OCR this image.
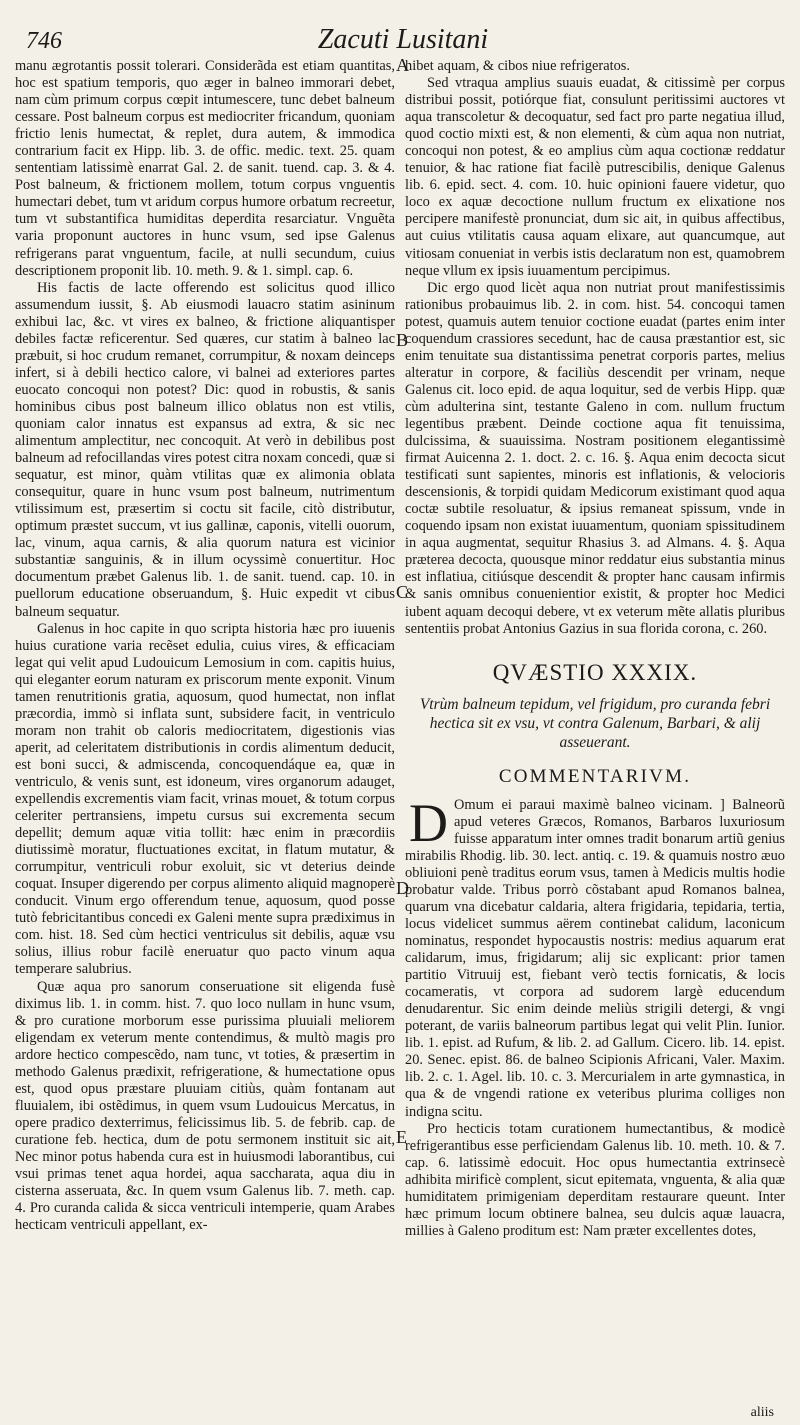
746	Zacuti Lusitani
A
B
C
D
E

manu ægrotantis possit tolerari. Considerãda est etiam quantitas, hoc est spatium temporis, quo æger in balneo immorari debet, nam cùm primum corpus cœpit intumescere, tunc debet balneum cessare. Post balneum corpus est mediocriter fricandum, quoniam frictio lenis humectat, & replet, dura autem, & immodica contrarium facit ex Hipp. lib. 3. de offic. medic. text. 25. quam sententiam latissimè enarrat Gal. 2. de sanit. tuend. cap. 3. & 4. Post balneum, & frictionem mollem, totum corpus vnguentis humectari debet, tum vt aridum corpus humore orbatum recreetur, tum vt substantifica humiditas deperdita resarciatur. Vnguẽta varia proponunt auctores in hunc vsum, sed ipse Galenus refrigerans parat vnguentum, facile, at nulli secundum, cuius descriptionem proponit lib. 10. meth. 9. & 1. simpl. cap. 6.

His factis de lacte offerendo est solicitus quod illico assumendum iussit, §. Ab eiusmodi lauacro statim asininum exhibui lac, &c. vt vires ex balneo, & frictione aliquantisper debiles factæ reficerentur. Sed quæres, cur statim à balneo lac præbuit, si hoc crudum remanet, corrumpitur, & noxam deinceps infert, si à debili hectico calore, vi balnei ad exteriores partes euocato concoqui non potest? Dic: quod in robustis, & sanis hominibus cibus post balneum illico oblatus non est vtilis, quoniam calor innatus est expansus ad extra, & sic nec alimentum amplectitur, nec concoquit. At verò in debilibus post balneum ad refocillandas vires potest citra noxam concedi, quæ si sequatur, est minor, quàm vtilitas quæ ex alimonia oblata consequitur, quare in hunc vsum post balneum, nutrimentum vtilissimum est, præsertim si coctu sit facile, citò distributur, optimum præstet succum, vt ius gallinæ, caponis, vitelli ouorum, lac, vinum, aqua carnis, & alia quorum natura est vicinior substantiæ sanguinis, & in illum ocyssimè conuertitur. Hoc documentum præbet Galenus lib. 1. de sanit. tuend. cap. 10. in puellorum educatione obseruandum, §. Huic expedit vt cibus balneum sequatur.

Galenus in hoc capite in quo scripta historia hæc pro iuuenis huius curatione varia recẽset edulia, cuius vires, & efficaciam legat qui velit apud Ludouicum Lemosium in com. capitis huius, qui eleganter eorum naturam ex priscorum mente exponit. Vinum tamen renutritionis gratia, aquosum, quod humectat, non inflat præcordia, immò si inflata sunt, subsidere facit, in ventriculo moram non trahit ob caloris mediocritatem, digestionis vias aperit, ad celeritatem distributionis in cordis alimentum deducit, est boni succi, & admiscenda, concoquendáque ea, quæ in ventriculo, & venis sunt, est idoneum, vires organorum adauget, expellendis excrementis viam facit, vrinas mouet, & totum corpus celeriter pertransiens, impetu cursus sui excrementa secum depellit; demum aquæ vitia tollit: hæc enim in præcordiis diutissimè moratur, fluctuationes excitat, in flatum mutatur, & corrumpitur, ventriculi robur exoluit, sic vt deterius deinde coquat. Insuper digerendo per corpus alimento aliquid magnoperè conducit. Vinum ergo offerendum tenue, aquosum, quod posse tutò febricitantibus concedi ex Galeni mente supra prædiximus in com. hist. 18. Sed cùm hectici ventriculus sit debilis, aquæ vsu solius, illius robur facilè eneruatur quo pacto vinum aqua temperare salubrius.

Quæ aqua pro sanorum conseruatione sit eligenda fusè diximus lib. 1. in comm. hist. 7. quo loco nullam in hunc vsum, & pro curatione morborum esse purissima pluuiali meliorem eligendam ex veterum mente contendimus, & multò magis pro ardore hectico compescẽdo, nam tunc, vt toties, & præsertim in methodo Galenus prædixit, refrigeratione, & humectatione opus est, quod opus præstare pluuiam citiùs, quàm fontanam aut fluuialem, ibi ostẽdimus, in quem vsum Ludouicus Mercatus, in opere pradico dexterrimus, felicissimus lib. 5. de febrib. cap. de curatione feb. hectica, dum de potu sermonem instituit sic ait, Nec minor potus habenda cura est in huiusmodi laborantibus, cui vsui primas tenet aqua hordei, aqua saccharata, aqua diu in cisterna asseruata, &c. In quem vsum Galenus lib. 7. meth. cap. 4. Pro curanda calida & sicca ventriculi intemperie, quam Arabes hecticam ventriculi appellant, ex-

hibet aquam, & cibos niue refrigeratos.

Sed vtraqua amplius suauis euadat, & citissimè per corpus distribui possit, potiórque fiat, consulunt peritissimi auctores vt aqua transcoletur & decoquatur, sed fact pro parte negatiua illud, quod coctio mixti est, & non elementi, & cùm aqua non nutriat, concoqui non potest, & eo amplius cùm aqua coctionæ reddatur tenuior, & hac ratione fiat facilè putrescibilis, denique Galenus lib. 6. epid. sect. 4. com. 10. huic opinioni fauere videtur, quo loco ex aquæ decoctione nullum fructum ex elixatione nos percipere manifestè pronunciat, dum sic ait, in quibus affectibus, aut cuius vtilitatis causa aquam elixare, aut quancumque, aut vitiosam conueniat in verbis istis declaratum non est, quamobrem neque vllum ex ipsis iuuamentum percipimus.

Dic ergo quod licèt aqua non nutriat prout manifestissimis rationibus probauimus lib. 2. in com. hist. 54. concoqui tamen potest, quamuis autem tenuior coctione euadat (partes enim inter coquendum crassiores secedunt, hac de causa præstantior est, sic enim tenuitate sua distantissima penetrat corporis partes, melius alteratur in corpore, & faciliùs descendit per vrinam, neque Galenus cit. loco epid. de aqua loquitur, sed de verbis Hipp. quæ cùm adulterina sint, testante Galeno in com. nullum fructum legentibus præbent. Deinde coctione aqua fit tenuissima, dulcissima, & suauissima. Nostram positionem elegantissimè firmat Auicenna 2. 1. doct. 2. c. 16. §. Aqua enim decocta sicut testificati sunt sapientes, minoris est inflationis, & velocioris descensionis, & torpidi quidam Medicorum existimant quod aqua coctæ subtile resoluatur, & ipsius remaneat spissum, vnde in coquendo ipsam non existat iuuamentum, quoniam spissitudinem in aqua augmentat, sequitur Rhasius 3. ad Almans. 4. §. Aqua præterea decocta, quousque minor reddatur eius substantia minus est inflatiua, citiúsque descendit & propter hanc causam infirmis & sanis omnibus conuenientior existit, & propter hoc Medici iubent aquam decoqui debere, vt ex veterum mẽte allatis pluribus sententiis probat Antonius Gazius in sua florida corona, c. 260.

QVÆSTIO XXXIX.
Vtrùm balneum tepidum, vel frigidum, pro curanda febri hectica sit ex vsu, vt contra Galenum, Barbari, & alij asseuerant.
COMMENTARIVM.

D Omum ei paraui maximè balneo vicinam. ] Balneorũ apud veteres Græcos, Romanos, Barbaros luxuriosum fuisse apparatum inter omnes tradit bonarum artiũ genius mirabilis Rhodig. lib. 30. lect. antiq. c. 19. & quamuis nostro æuo obliuioni penè traditus eorum vsus, tamen à Medicis multis hodie probatur valde. Tribus porrò cõstabant apud Romanos balnea, quarum vna dicebatur caldaria, altera frigidaria, tepidaria, tertia, locus videlicet summus aërem continebat calidum, laconicum nominatus, respondet hypocaustis nostris: medius aquarum erat calidarum, imus, frigidarum; alij sic explicant: prior tamen partitio Vitruuij est, fiebant verò tectis fornicatis, & locis cocameratis, vt corpora ad sudorem largè educendum denudarentur. Sic enim deinde meliùs strigili detergi, & vngi poterant, de variis balneorum partibus legat qui velit Plin. Iunior. lib. 1. epist. ad Rufum, & lib. 2. ad Gallum. Cicero. lib. 14. epist. 20. Senec. epist. 86. de balneo Scipionis Africani, Valer. Maxim. lib. 2. c. 1. Agel. lib. 10. c. 3. Mercurialem in arte gymnastica, in qua & de vngendi ratione ex veteribus plurima colliges non indigna scitu.

Pro hecticis totam curationem humectantibus, & modicè refrigerantibus esse perficiendam Galenus lib. 10. meth. 10. & 7. cap. 6. latissimè edocuit. Hoc opus humectantia extrinsecè adhibita mirificè complent, sicut epitemata, vnguenta, & alia quæ humiditatem primigeniam deperditam restaurare queunt. Inter hæc primum locum obtinere balnea, seu dulcis aquæ lauacra, millies à Galeno proditum est: Nam præter excellentes dotes,

aliis
